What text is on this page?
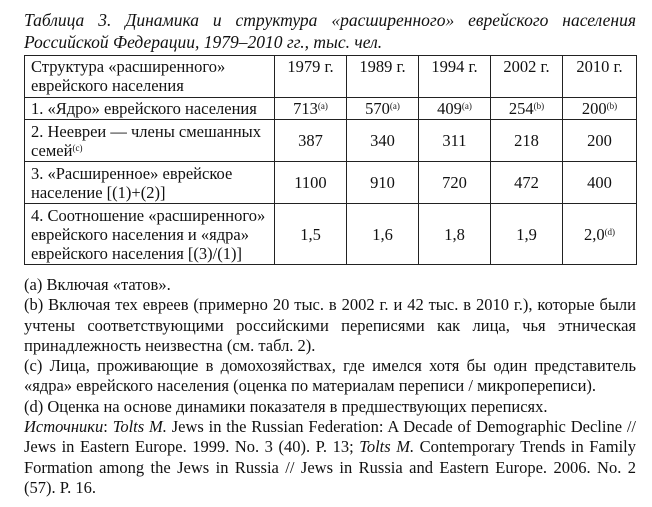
Таблица 3. Динамика и структура «расширенного» еврейского населения Российской Федерации, 1979–2010 гг., тыс. чел.
Структура «расширенного» еврейского населения	1979 г.	1989 г.	1994 г.	2002 г.	2010 г.
1. «Ядро» еврейского населения	713$^{(a)}$	570$^{(a)}$	409$^{(a)}$	254$^{(b)}$	200$^{(b)}$
2. Неевреи — члены смешанных семей$^{(c)}$	387	340	311	218	200
3. «Расширенное» еврейское население [(1)+(2)]	1100	910	720	472	400
4. Соотношение «расширенного» еврейского населения и «ядра» еврейского населения [(3)/(1)]	1,5	1,6	1,8	1,9	2,0$^{(d)}$

(a) Включая «татов».

(b) Включая тех евреев (примерно 20 тыс. в 2002 г. и 42 тыс. в 2010 г.), которые были учтены соответствующими российскими переписями как лица, чья этническая принадлежность неизвестна (см. табл. 2).

(c) Лица, проживающие в домохозяйствах, где имелся хотя бы один представитель «ядра» еврейского населения (оценка по материалам переписи / микропереписи).

(d) Оценка на основе динамики показателя в предшествующих переписях.

Источники: Tolts M. Jews in the Russian Federation: A Decade of Demographic Decline // Jews in Eastern Europe. 1999. No. 3 (40). P. 13; Tolts M. Contemporary Trends in Family Formation among the Jews in Russia // Jews in Russia and Eastern Europe. 2006. No. 2 (57). P. 16.
